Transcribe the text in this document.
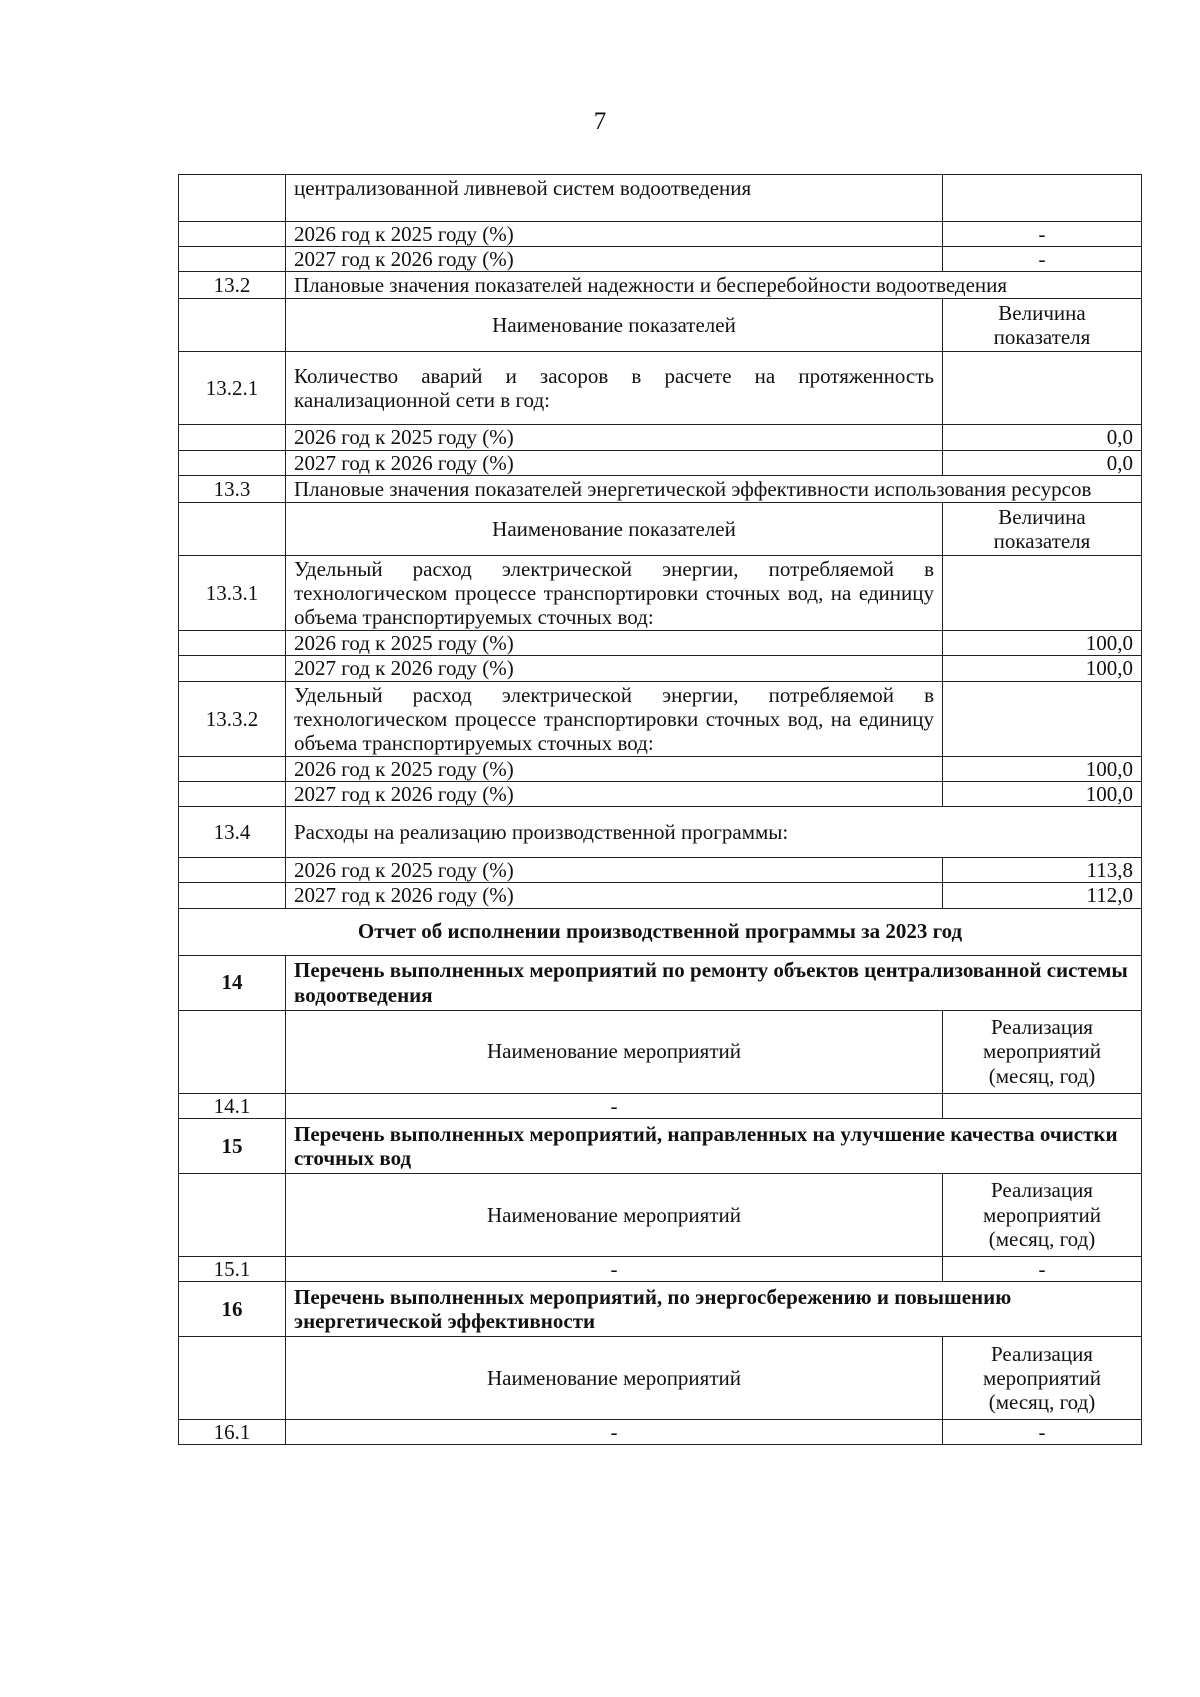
7
	централизованной ливневой систем водоотведения	
	2026 год к 2025 году (%)	-
	2027 год к 2026 году (%)	-
13.2	Плановые значения показателей надежности и бесперебойности водоотведения	
	Наименование показателей	Величина показателя
13.2.1	Количество аварий и засоров в расчете на протяженность канализационной сети в год:	
	2026 год к 2025 году (%)	0,0
	2027 год к 2026 году (%)	0,0
13.3	Плановые значения показателей энергетической эффективности использования ресурсов	
	Наименование показателей	Величина показателя
13.3.1	Удельный расход электрической энергии, потребляемой в технологическом процессе транспортировки сточных вод, на единицу объема транспортируемых сточных вод:	
	2026 год к 2025 году (%)	100,0
	2027 год к 2026 году (%)	100,0
13.3.2	Удельный расход электрической энергии, потребляемой в технологическом процессе транспортировки сточных вод, на единицу объема транспортируемых сточных вод:	
	2026 год к 2025 году (%)	100,0
	2027 год к 2026 году (%)	100,0
13.4	Расходы на реализацию производственной программы:	
	2026 год к 2025 году (%)	113,8
	2027 год к 2026 году (%)	112,0
Отчет об исполнении производственной программы за 2023 год		
14	Перечень выполненных мероприятий по ремонту объектов централизованной системы водоотведения	
	Наименование мероприятий	Реализация мероприятий (месяц, год)
14.1	-	
15	Перечень выполненных мероприятий, направленных на улучшение качества очистки сточных вод	
	Наименование мероприятий	Реализация мероприятий (месяц, год)
15.1	-	-
16	Перечень выполненных мероприятий, по энергосбережению и повышению энергетической эффективности	
	Наименование мероприятий	Реализация мероприятий (месяц, год)
16.1	-	-
